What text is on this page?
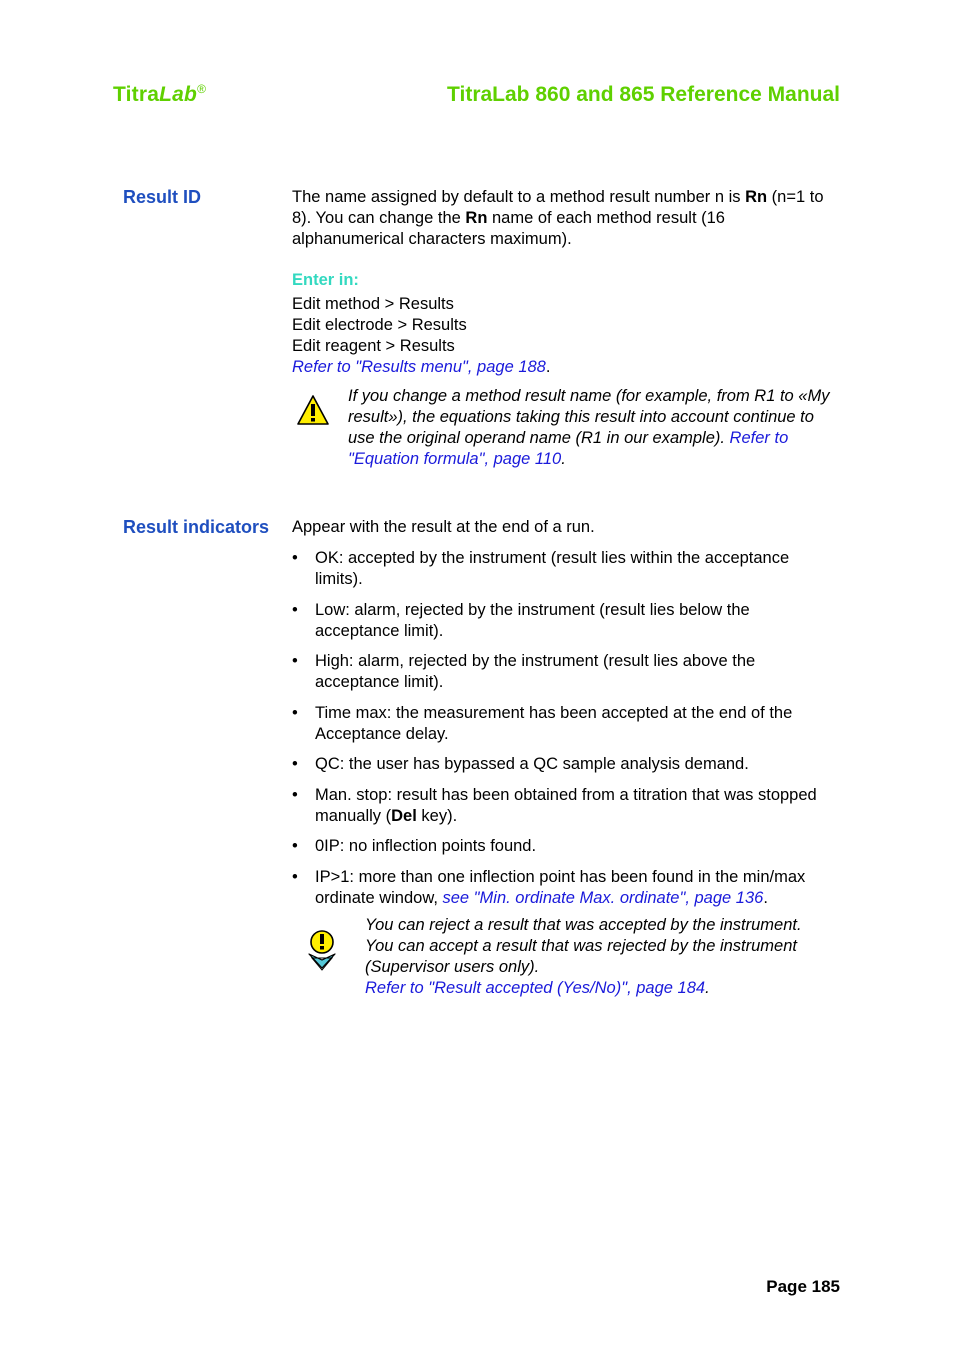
TitraLab®	TitraLab 860 and 865 Reference Manual
Result ID	The name assigned by default to a method result number n is Rn (n=1 to 8). You can change the Rn name of each method result (16 alphanumerical characters maximum).

Enter in:

Edit method > Results

Edit electrode > Results

Edit reagent > Results

Refer to "Results menu", page 188.

If you change a method result name (for example, from R1 to «My result»), the equations taking this result into account continue to use the original operand name (R1 in our example). Refer to "Equation formula", page 110.
Result indicators Appear with the result at the end of a run.

• OK: accepted by the instrument (result lies within the acceptance limits).
• Low: alarm, rejected by the instrument (result lies below the acceptance limit).
• High: alarm, rejected by the instrument (result lies above the acceptance limit).
• Time max: the measurement has been accepted at the end of the Acceptance delay.
• QC: the user has bypassed a QC sample analysis demand.
• Man. stop: result has been obtained from a titration that was stopped manually (Del key).
• 0IP: no inflection points found.
• IP>1: more than one inflection point has been found in the min/max ordinate window, see "Min. ordinate Max. ordinate", page 136.

You can reject a result that was accepted by the instrument.

You can accept a result that was rejected by the instrument (Supervisor users only).

Refer to "Result accepted (Yes/No)", page 184.

Page 185
